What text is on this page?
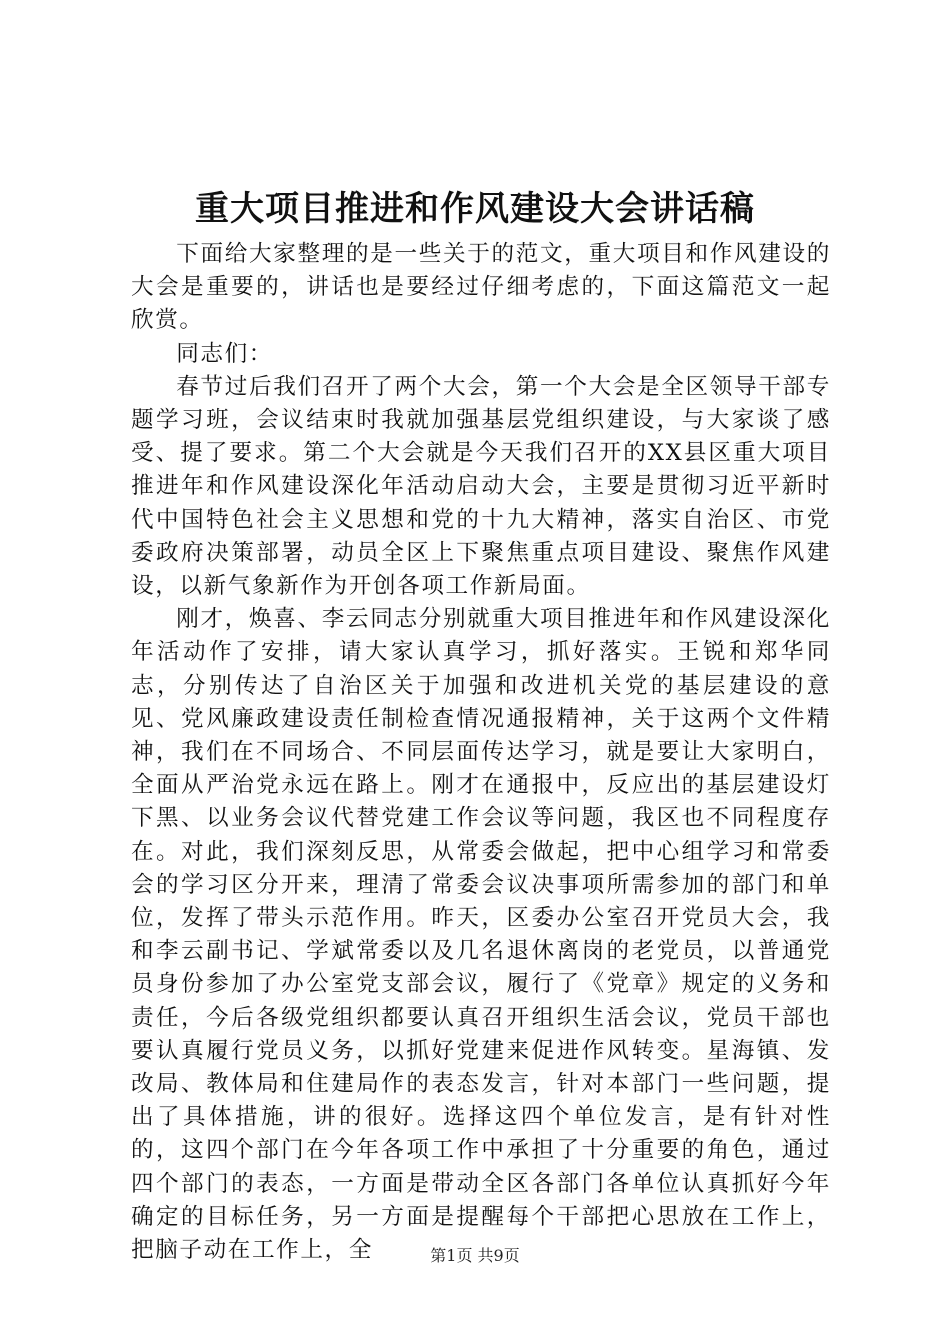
重大项目推进和作风建设大会讲话稿

下面给大家整理的是一些关于的范文，重大项目和作风建设的大会是重要的，讲话也是要经过仔细考虑的，下面这篇范文一起欣赏。

同志们：

春节过后我们召开了两个大会，第一个大会是全区领导干部专题学习班，会议结束时我就加强基层党组织建设，与大家谈了感受、提了要求。第二个大会就是今天我们召开的XX县区重大项目推进年和作风建设深化年活动启动大会，主要是贯彻习近平新时代中国特色社会主义思想和党的十九大精神，落实自治区、市党委政府决策部署，动员全区上下聚焦重点项目建设、聚焦作风建设，以新气象新作为开创各项工作新局面。

刚才，焕喜、李云同志分别就重大项目推进年和作风建设深化年活动作了安排，请大家认真学习，抓好落实。王锐和郑华同志，分别传达了自治区关于加强和改进机关党的基层建设的意见、党风廉政建设责任制检查情况通报精神，关于这两个文件精神，我们在不同场合、不同层面传达学习，就是要让大家明白，全面从严治党永远在路上。刚才在通报中，反应出的基层建设灯下黑、以业务会议代替党建工作会议等问题，我区也不同程度存在。对此，我们深刻反思，从常委会做起，把中心组学习和常委会的学习区分开来，理清了常委会议决事项所需参加的部门和单位，发挥了带头示范作用。昨天，区委办公室召开党员大会，我和李云副书记、学斌常委以及几名退休离岗的老党员，以普通党员身份参加了办公室党支部会议，履行了《党章》规定的义务和责任，今后各级党组织都要认真召开组织生活会议，党员干部也要认真履行党员义务，以抓好党建来促进作风转变。星海镇、发改局、教体局和住建局作的表态发言，针对本部门一些问题，提出了具体措施，讲的很好。选择这四个单位发言，是有针对性的，这四个部门在今年各项工作中承担了十分重要的角色，通过四个部门的表态，一方面是带动全区各部门各单位认真抓好今年确定的目标任务，另一方面是提醒每个干部把心思放在工作上，把脑子动在工作上，全	第1页 共9页
